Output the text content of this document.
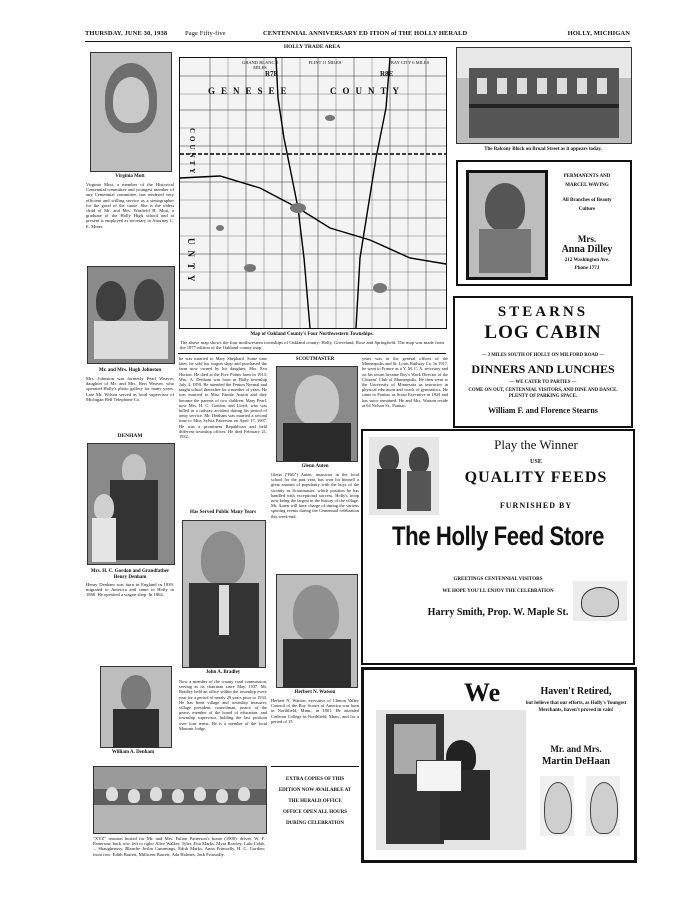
THURSDAY, JUNE 30, 1938	Page Fifty-five	CENTENNIAL ANNIVERSARY ED ITION of THE HOLLY HERALD	HOLLY, MICHIGAN
Virginia Mott
Virginia Mott, a member of the Historical Centennial committee and youngest member of any Centennial committee, has rendered very efficient and willing service as a stenographer for the good of the cause. She is the oldest child of Mr. and Mrs. Winfield H. Mott, a graduate of the Holly High school and at present is employed as secretary to Attorney C. E. Miner.
Mr. and Mrs. Hugh Johnston
Mrs. Johnston was formerly Pearl Weaver, daughter of Mr. and Mrs. Bert Weaver, who operated Holly's photo gallery for many years. Late Mr. Wilson served as local supervisor of Michigan Bell Telephone Co.
DENHAM
Mrs. H. C. Gordon and Grandfather Henry Denham
Henry Denham was born in England in 1839, migrated to America and came to Holly in 1868. He operated a wagon shop. In 1864,
William A. Denham
HOLLY TRADE AREA
GRAND BLANC 3 MILES
FLINT 11 MILES	BAY CITY 6 MILES
R7E	R8E
GENESEE	COUNTY
COUNTY
UNTY
Map of Oakland County's Four Northwestern Townships.
The above map shows the four northwestern townships of Oakland county: Holly, Groveland, Rose and Springfield. The map was made from the 1877 edition of the Oakland county map.
he was married to Mary Shephard. Some time later, he sold his wagon shop and purchased the farm now owned by his daughter, Mrs. Eva Horton. He died at the Five Points farm in 1913. Wm. A. Denham was born in Holly township July 4, 1859. He attended the Fenton Normal and taught school thereafter for a number of years. He was married to Miss Fannie Austin and they became the parents of two children: Mary Pearl, now Mrs. H. C. Gordon, and Lloyd, who was killed in a railway accident during his period of army service. Mr. Denham was married a second time to Miss Sylvia Patterson on April 17, 1907. He was a prominent Republican and held different township offices. He died February 21, 1932.
Has Served Public Many Years
John A. Bradley
Now a member of the county road commission, serving as its chairman since May, 1937, Mr. Bradley held an office within the township every year for a period of nearly 29 years prior to 1933. He has been village and township treasurer, village president, councilman, justice of the peace, member of the board of education, and township supervisor, holding the last position over four terms. He is a member of the local Masonic lodge.
SCOUTMASTER
Glenn Auten
Glenn ("Bill") Auten, instructor in the local school for the past year, has won for himself a great amount of popularity with the boys of the vicinity as Scoutmaster, which position he has handled with exceptional success. Holly's troop now being the largest in the history of the village. Mr. Auten will have charge of timing the various sporting events during the Centennial celebration this week-end.
Herbert N. Watson
Herbert N. Watson, executive of Clinton Valley Council of the Boy Scouts of America was born in Northfield, Minn., in 1881. He attended Carleton College in Northfield, Minn., and for a period of 15
EXTRA COPIES OF THIS
EDITION NOW AVAILABLE AT
THE HERALD OFFICE
OFFICE OPEN ALL HOURS
DURING CELEBRATION
years was in the general offices of the Minneapolis and St. Louis Railway Co. In 1917, he went to France as a Y. M. C. A. secretary and on his return became Boy's Work Director of the Citizens' Club of Minneapolis. He then went to the University of Minnesota as instructor in physical education and coach of gymnastics. He came to Pontiac as Scout Executive in 1924 and has since remained. He and Mrs. Watson reside at 64 Nelson St., Pontiac.
"XYZ" reunion hosted for Mr. and Mrs. Fulton Patterson's home (1900): driver, W. F. Patterson; back row, left to right: Alice Walker, Tyler, Etta Marks, Myra Rowley, Lulu Cobb, ... Shaughnessy, Blanche Joslin Cummings, Edith Marks, Anna Frinsodly, H. C. Gordon; front row: Edith Barrett, Millicent Barrett, Ada Holmes, Jack Frinsodly.
The Balcony Block on Broad Street as it appears today.
PERMANENTS AND
MARCEL WAVING
All Branches of Beauty
Culture
Mrs.
Anna Dilley
212 Washington Ave.
Phone 177J
STEARNS
LOG CABIN
— 3 MILES SOUTH OF HOLLY ON MILFORD ROAD —
DINNERS AND LUNCHES
— WE CATER TO PARTIES —
COME ON OUT, CENTENNIAL VISITORS, AND DINE AND DANCE. PLENTY OF PARKING SPACE.
William F. and Florence Stearns
Play the Winner
USE
QUALITY FEEDS
FURNISHED BY
The Holly Feed Store
GREETINGS CENTENNIAL VISITORS
WE HOPE YOU'LL ENJOY THE CELEBRATION
Harry Smith, Prop. W. Maple St.
We	Haven't Retired,
but believe that our efforts, as Holly's Youngest Merchants, haven't proved in vain!
Mr. and Mrs.
Martin DeHaan
